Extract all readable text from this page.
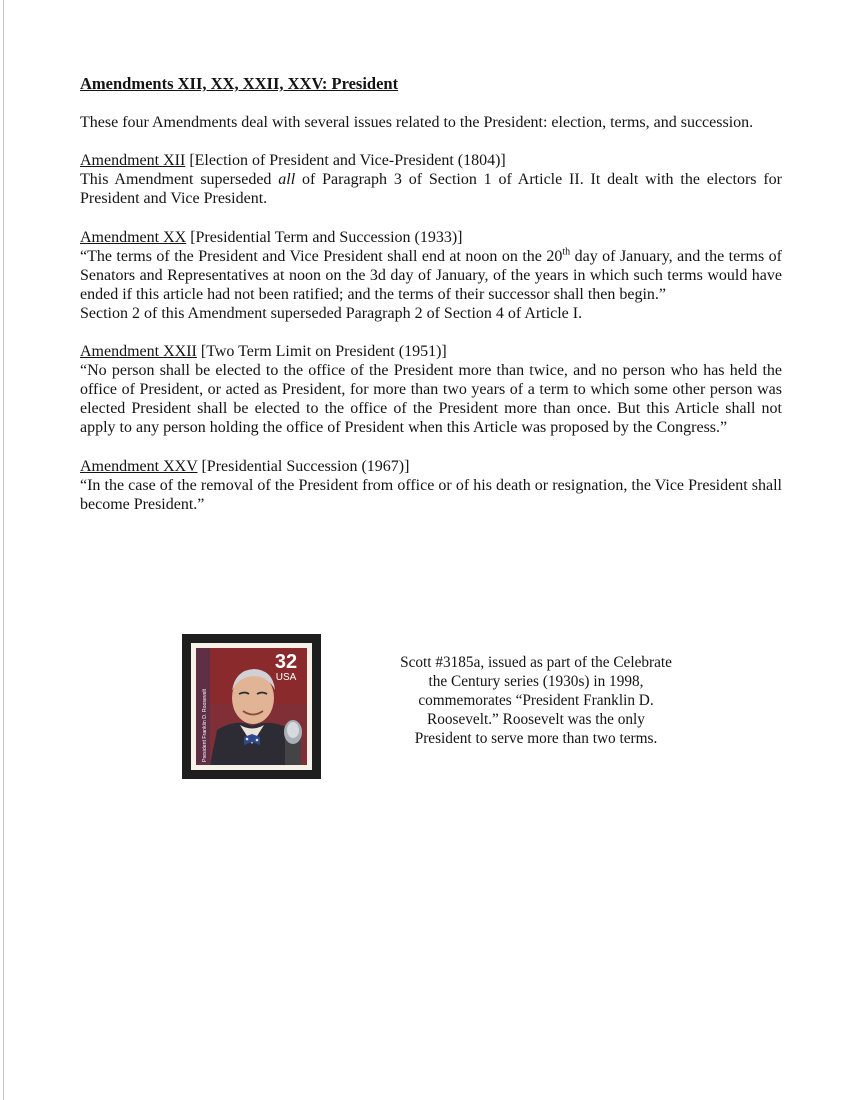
Amendments XII, XX, XXII, XXV: President
These four Amendments deal with several issues related to the President: election, terms, and succession.

Amendment XII [Election of President and Vice-President (1804)]

This Amendment superseded all of Paragraph 3 of Section 1 of Article II. It dealt with the electors for President and Vice President.

Amendment XX [Presidential Term and Succession (1933)]

“The terms of the President and Vice President shall end at noon on the 20th day of January, and the terms of Senators and Representatives at noon on the 3d day of January, of the years in which such terms would have ended if this article had not been ratified; and the terms of their successor shall then begin.”

Section 2 of this Amendment superseded Paragraph 2 of Section 4 of Article I.

Amendment XXII [Two Term Limit on President (1951)]

“No person shall be elected to the office of the President more than twice, and no person who has held the office of President, or acted as President, for more than two years of a term to which some other person was elected President shall be elected to the office of the President more than once. But this Article shall not apply to any person holding the office of President when this Article was proposed by the Congress.”

Amendment XXV [Presidential Succession (1967)]

“In the case of the removal of the President from office or of his death or resignation, the Vice President shall become President.”

32
USA
President Franklin D. Roosevelt
Scott #3185a, issued as part of the Celebrate the Century series (1930s) in 1998, commemorates “President Franklin D. Roosevelt.” Roosevelt was the only President to serve more than two terms.
